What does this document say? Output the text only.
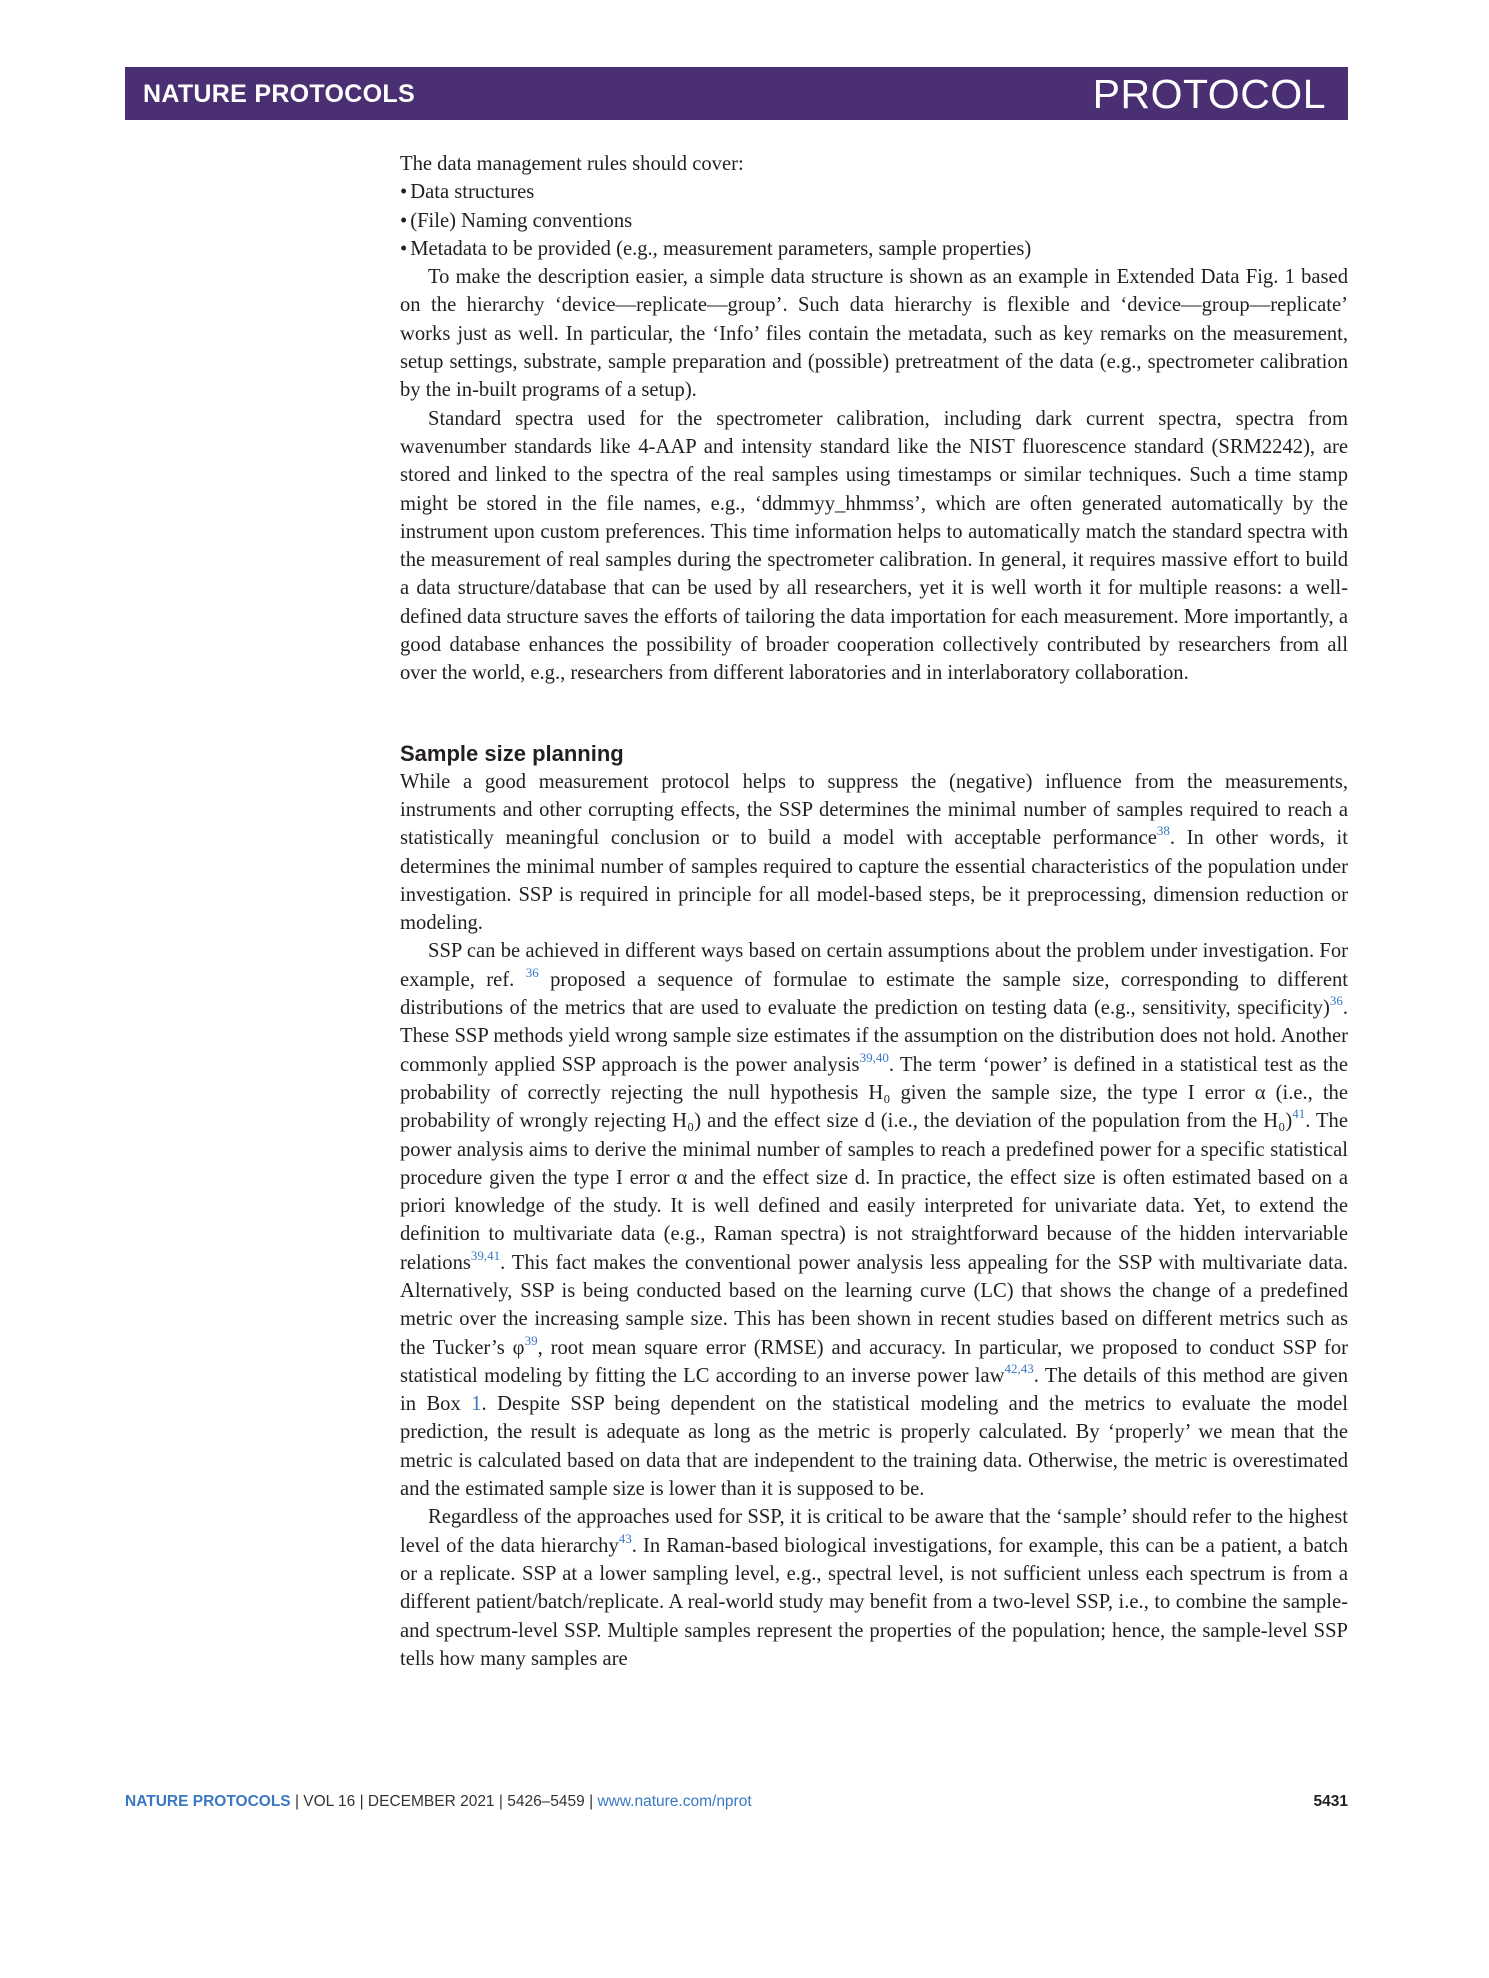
NATURE PROTOCOLS	PROTOCOL

The data management rules should cover:

• Data structures
• (File) Naming conventions
• Metadata to be provided (e.g., measurement parameters, sample properties)

To make the description easier, a simple data structure is shown as an example in Extended Data Fig. 1 based on the hierarchy ‘device—replicate—group’. Such data hierarchy is flexible and ‘device—group—replicate’ works just as well. In particular, the ‘Info’ files contain the metadata, such as key remarks on the measurement, setup settings, substrate, sample preparation and (possible) pretreatment of the data (e.g., spectrometer calibration by the in-built programs of a setup).

Standard spectra used for the spectrometer calibration, including dark current spectra, spectra from wavenumber standards like 4-AAP and intensity standard like the NIST fluorescence standard (SRM2242), are stored and linked to the spectra of the real samples using timestamps or similar techniques. Such a time stamp might be stored in the file names, e.g., ‘ddmmyy_hhmmss’, which are often generated automatically by the instrument upon custom preferences. This time information helps to automatically match the standard spectra with the measurement of real samples during the spectrometer calibration. In general, it requires massive effort to build a data structure/​database that can be used by all researchers, yet it is well worth it for multiple reasons: a well-defined data structure saves the efforts of tailoring the data importation for each measurement. More importantly, a good database enhances the possibility of broader cooperation collectively contributed by researchers from all over the world, e.g., researchers from different laboratories and in interlaboratory collaboration.

Sample size planning

While a good measurement protocol helps to suppress the (negative) influence from the measurements, instruments and other corrupting effects, the SSP determines the minimal number of samples required to reach a statistically meaningful conclusion or to build a model with acceptable performance$^{38}$. In other words, it determines the minimal number of samples required to capture the essential characteristics of the population under investigation. SSP is required in principle for all model-based steps, be it preprocessing, dimension reduction or modeling.

SSP can be achieved in different ways based on certain assumptions about the problem under investigation. For example, ref. $^{36}$ proposed a sequence of formulae to estimate the sample size, corresponding to different distributions of the metrics that are used to evaluate the prediction on testing data (e.g., sensitivity, specificity)$^{36}$. These SSP methods yield wrong sample size estimates if the assumption on the distribution does not hold. Another commonly applied SSP approach is the power analysis$^{39,40}$. The term ‘power’ is defined in a statistical test as the probability of correctly rejecting the null hypothesis H₀ given the sample size, the type I error α (i.e., the probability of wrongly rejecting H₀) and the effect size d (i.e., the deviation of the population from the H₀)$^{41}$. The power analysis aims to derive the minimal number of samples to reach a predefined power for a specific statistical procedure given the type I error α and the effect size d. In practice, the effect size is often estimated based on a priori knowledge of the study. It is well defined and easily interpreted for univariate data. Yet, to extend the definition to multivariate data (e.g., Raman spectra) is not straightforward because of the hidden intervariable relations$^{39,41}$. This fact makes the conventional power analysis less appealing for the SSP with multivariate data. Alternatively, SSP is being conducted based on the learning curve (LC) that shows the change of a predefined metric over the increasing sample size. This has been shown in recent studies based on different metrics such as the Tucker’s φ$^{39}$, root mean square error (RMSE) and accuracy. In particular, we proposed to conduct SSP for statistical modeling by fitting the LC according to an inverse power law$^{42,43}$. The details of this method are given in Box 1. Despite SSP being dependent on the statistical modeling and the metrics to evaluate the model prediction, the result is adequate as long as the metric is properly calculated. By ‘properly’ we mean that the metric is calculated based on data that are independent to the training data. Otherwise, the metric is overestimated and the estimated sample size is lower than it is supposed to be.

Regardless of the approaches used for SSP, it is critical to be aware that the ‘sample’ should refer to the highest level of the data hierarchy$^{43}$. In Raman-based biological investigations, for example, this can be a patient, a batch or a replicate. SSP at a lower sampling level, e.g., spectral level, is not sufficient unless each spectrum is from a different patient/batch/replicate. A real-world study may benefit from a two-level SSP, i.e., to combine the sample- and spectrum-level SSP. Multiple samples represent the properties of the population; hence, the sample-level SSP tells how many samples are

NATURE PROTOCOLS | VOL 16 | DECEMBER 2021 | 5426–5459 | www.nature.com/nprot	5431
